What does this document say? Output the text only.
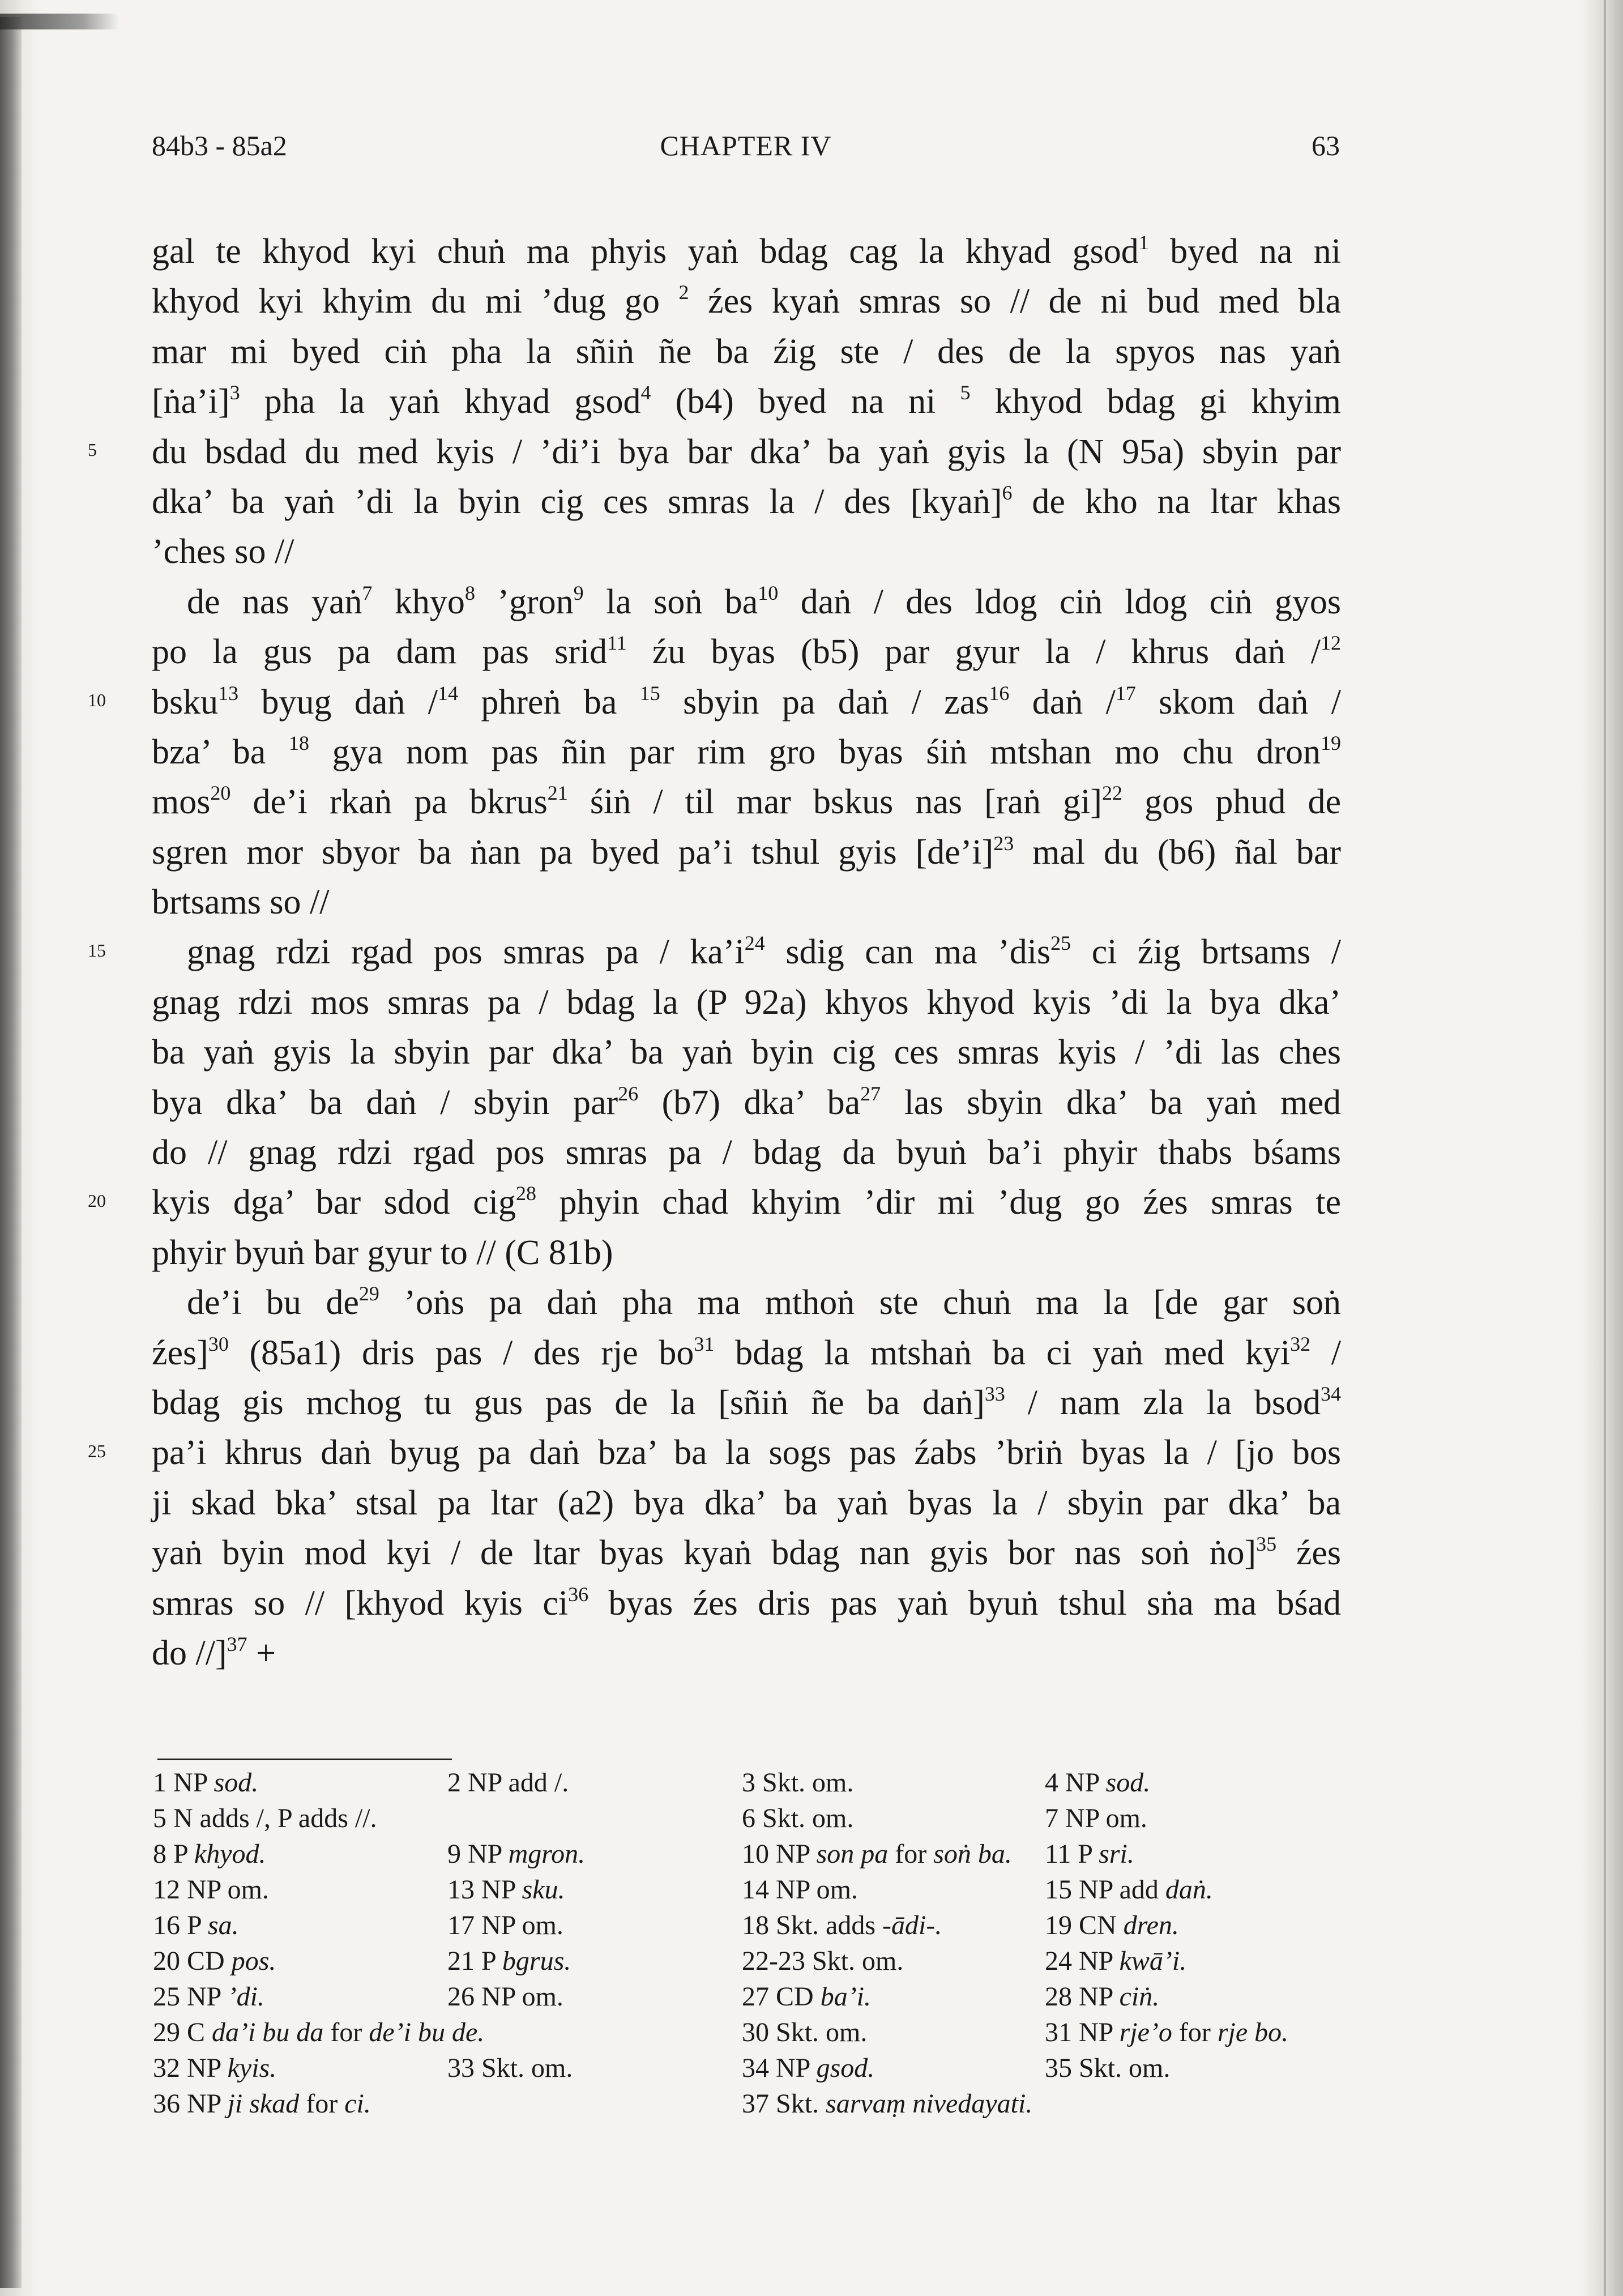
84b3 - 85a2	CHAPTER IV	63
gal te khyod kyi chuṅ ma phyis yaṅ bdag cag la khyad gsod$^1$ byed na ni
khyod kyi khyim du mi ’dug go $^2$ źes kyaṅ smras so // de ni bud med bla
mar mi byed ciṅ pha la sñiṅ ñe ba źig ste / des de la spyos nas yaṅ
[ṅa’i]$^3$ pha la yaṅ khyad gsod$^4$ (b4) byed na ni $^5$ khyod bdag gi khyim
du bsdad du med kyis / ’di’i bya bar dka’ ba yaṅ gyis la (N 95a) sbyin par
dka’ ba yaṅ ’di la byin cig ces smras la / des [kyaṅ]$^6$ de kho na ltar khas
’ches so //
de nas yaṅ$^7$ khyo$^8$ ’gron$^9$ la soṅ $ba^{10}$ daṅ / des ldog ciṅ ldog ciṅ gyos
po la gus pa dam pas srid$^{11}$ źu byas (b5) par gyur la / khrus daṅ /$^{12}$
bsku$^{13}$ byug daṅ /$^{14}$ phreṅ ba $^{15}$ sbyin pa daṅ / zas$^{16}$ daṅ /$^{17}$ skom daṅ /
bza’ ba $^{18}$ gya nom pas ñin par rim gro byas śiṅ mtshan mo chu dron$^{19}$
mos$^{20}$ de’i rkaṅ pa bkrus$^{21}$ śiṅ / til mar bskus nas [raṅ gi]$^{22}$ gos phud de
sgren mor sbyor ba ṅan pa byed pa’i tshul gyis [de’i]$^{23}$ mal du (b6) ñal bar
brtsams so //
gnag rdzi rgad pos smras pa / $ka’i^{24}$ sdig can ma ’dis$^{25}$ ci źig brtsams /
gnag rdzi mos smras pa / bdag la (P 92a) khyos khyod kyis ’di la bya dka’
ba yaṅ gyis la sbyin par dka’ ba yaṅ byin cig ces smras kyis / ’di las ches
bya dka’ ba daṅ / sbyin par$^{26}$ (b7) dka’ $ba^{27}$ las sbyin dka’ ba yaṅ med
do // gnag rdzi rgad pos smras pa / bdag da byuṅ ba’i phyir thabs bśams
kyis dga’ bar sdod cig$^{28}$ phyin chad khyim ’dir mi ’dug go źes smras te
phyir byuṅ bar gyur to // (C 81b)
de’i bu $de^{29}$ ’oṅs pa daṅ pha ma mthoṅ ste chuṅ ma la [de gar soṅ
źes]$^{30}$ (85a1) dris pas / des rje $bo^{31}$ bdag la mtshaṅ ba ci yaṅ med kyi$^{32}$ /
bdag gis mchog tu gus pas de la [sñiṅ ñe ba daṅ]$^{33}$ / nam zla la bsod$^{34}$
pa’i khrus daṅ byug pa daṅ bza’ ba la sogs pas źabs ’briṅ byas la / [jo bos
ji skad bka’ stsal pa ltar (a2) bya dka’ ba yaṅ byas la / sbyin par dka’ ba
yaṅ byin mod kyi / de ltar byas kyaṅ bdag nan gyis bor nas soṅ ṅo]$^{35}$ źes
smras so // [khyod kyis $ci^{36}$ byas źes dris pas yaṅ byuṅ tshul sṅa ma bśad
do //]$^{37}$ +
5
10
15
20
25
1 NP sod.	2 NP add /.	3 Skt. om.	4 NP sod.
5 N adds /, P adds //.	6 Skt. om.	7 NP om.
8 P khyod.	9 NP mgron.	10 NP son pa for soṅ ba. 11 P sri.
12 NP om.	13 NP sku.	14 NP om.	15 NP add daṅ.
16 P sa.	17 NP om.	18 Skt. adds -ādi-.	19 CN dren.
20 CD pos.	21 P bgrus.	22-23 Skt. om.	24 NP kwā’i.
25 NP ’di.	26 NP om.	27 CD ba’i.	28 NP ciṅ.
29 C da’i bu da for de’i bu de.	30 Skt. om.	31 NP rje’o for rje bo.
32 NP kyis.	33 Skt. om.	34 NP gsod.	35 Skt. om.
36 NP ji skad for ci.	37 Skt. sarvaṃ nivedayati.
